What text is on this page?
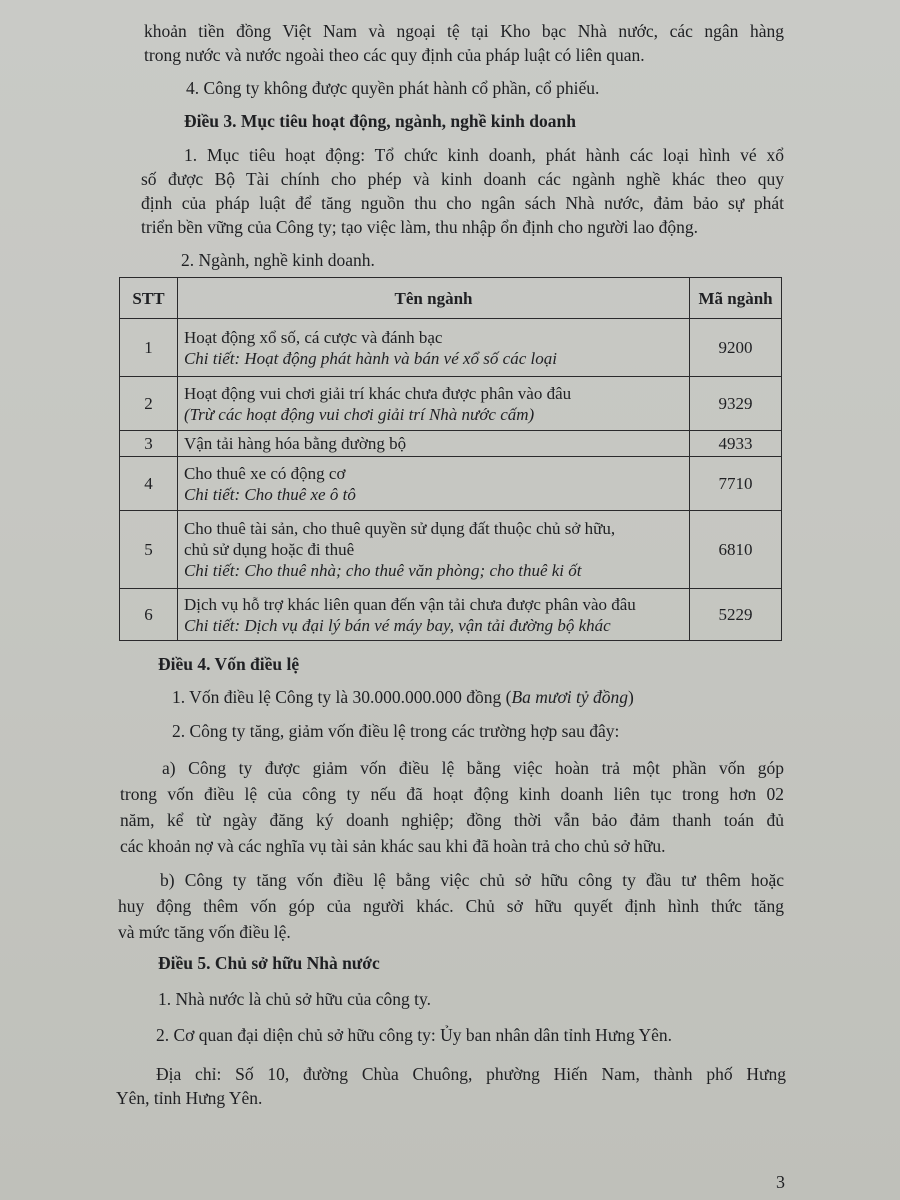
khoản tiền đồng Việt Nam và ngoại tệ tại Kho bạc Nhà nước, các ngân hàng
trong nước và nước ngoài theo các quy định của pháp luật có liên quan.
4. Công ty không được quyền phát hành cổ phần, cổ phiếu.
Điều 3. Mục tiêu hoạt động, ngành, nghề kinh doanh
1. Mục tiêu hoạt động: Tổ chức kinh doanh, phát hành các loại hình vé xổ
số được Bộ Tài chính cho phép và kinh doanh các ngành nghề khác theo quy
định của pháp luật để tăng nguồn thu cho ngân sách Nhà nước, đảm bảo sự phát
triển bền vững của Công ty; tạo việc làm, thu nhập ổn định cho người lao động.
2. Ngành, nghề kinh doanh.
STT	Tên ngành	Mã ngành
1	Hoạt động xổ số, cá cược và đánh bạc
Chi tiết: Hoạt động phát hành và bán vé xổ số các loại	9200
2	Hoạt động vui chơi giải trí khác chưa được phân vào đâu
(Trừ các hoạt động vui chơi giải trí Nhà nước cấm)	9329
3	Vận tải hàng hóa bằng đường bộ	4933
4	Cho thuê xe có động cơ
Chi tiết: Cho thuê xe ô tô	7710
5	Cho thuê tài sản, cho thuê quyền sử dụng đất thuộc chủ sở hữu,
chủ sử dụng hoặc đi thuê
Chi tiết: Cho thuê nhà; cho thuê văn phòng; cho thuê ki ốt	6810
6	Dịch vụ hỗ trợ khác liên quan đến vận tải chưa được phân vào đâu
Chi tiết: Dịch vụ đại lý bán vé máy bay, vận tải đường bộ khác	5229
Điều 4. Vốn điều lệ
1. Vốn điều lệ Công ty là 30.000.000.000 đồng (Ba mươi tỷ đồng)
2. Công ty tăng, giảm vốn điều lệ trong các trường hợp sau đây:
a) Công ty được giảm vốn điều lệ bằng việc hoàn trả một phần vốn góp
trong vốn điều lệ của công ty nếu đã hoạt động kinh doanh liên tục trong hơn 02
năm, kể từ ngày đăng ký doanh nghiệp; đồng thời vẫn bảo đảm thanh toán đủ
các khoản nợ và các nghĩa vụ tài sản khác sau khi đã hoàn trả cho chủ sở hữu.
b) Công ty tăng vốn điều lệ bằng việc chủ sở hữu công ty đầu tư thêm hoặc
huy động thêm vốn góp của người khác. Chủ sở hữu quyết định hình thức tăng
và mức tăng vốn điều lệ.
Điều 5. Chủ sở hữu Nhà nước
1. Nhà nước là chủ sở hữu của công ty.
2. Cơ quan đại diện chủ sở hữu công ty: Ủy ban nhân dân tỉnh Hưng Yên.
Địa chỉ: Số 10, đường Chùa Chuông, phường Hiến Nam, thành phố Hưng
Yên, tỉnh Hưng Yên.
3
